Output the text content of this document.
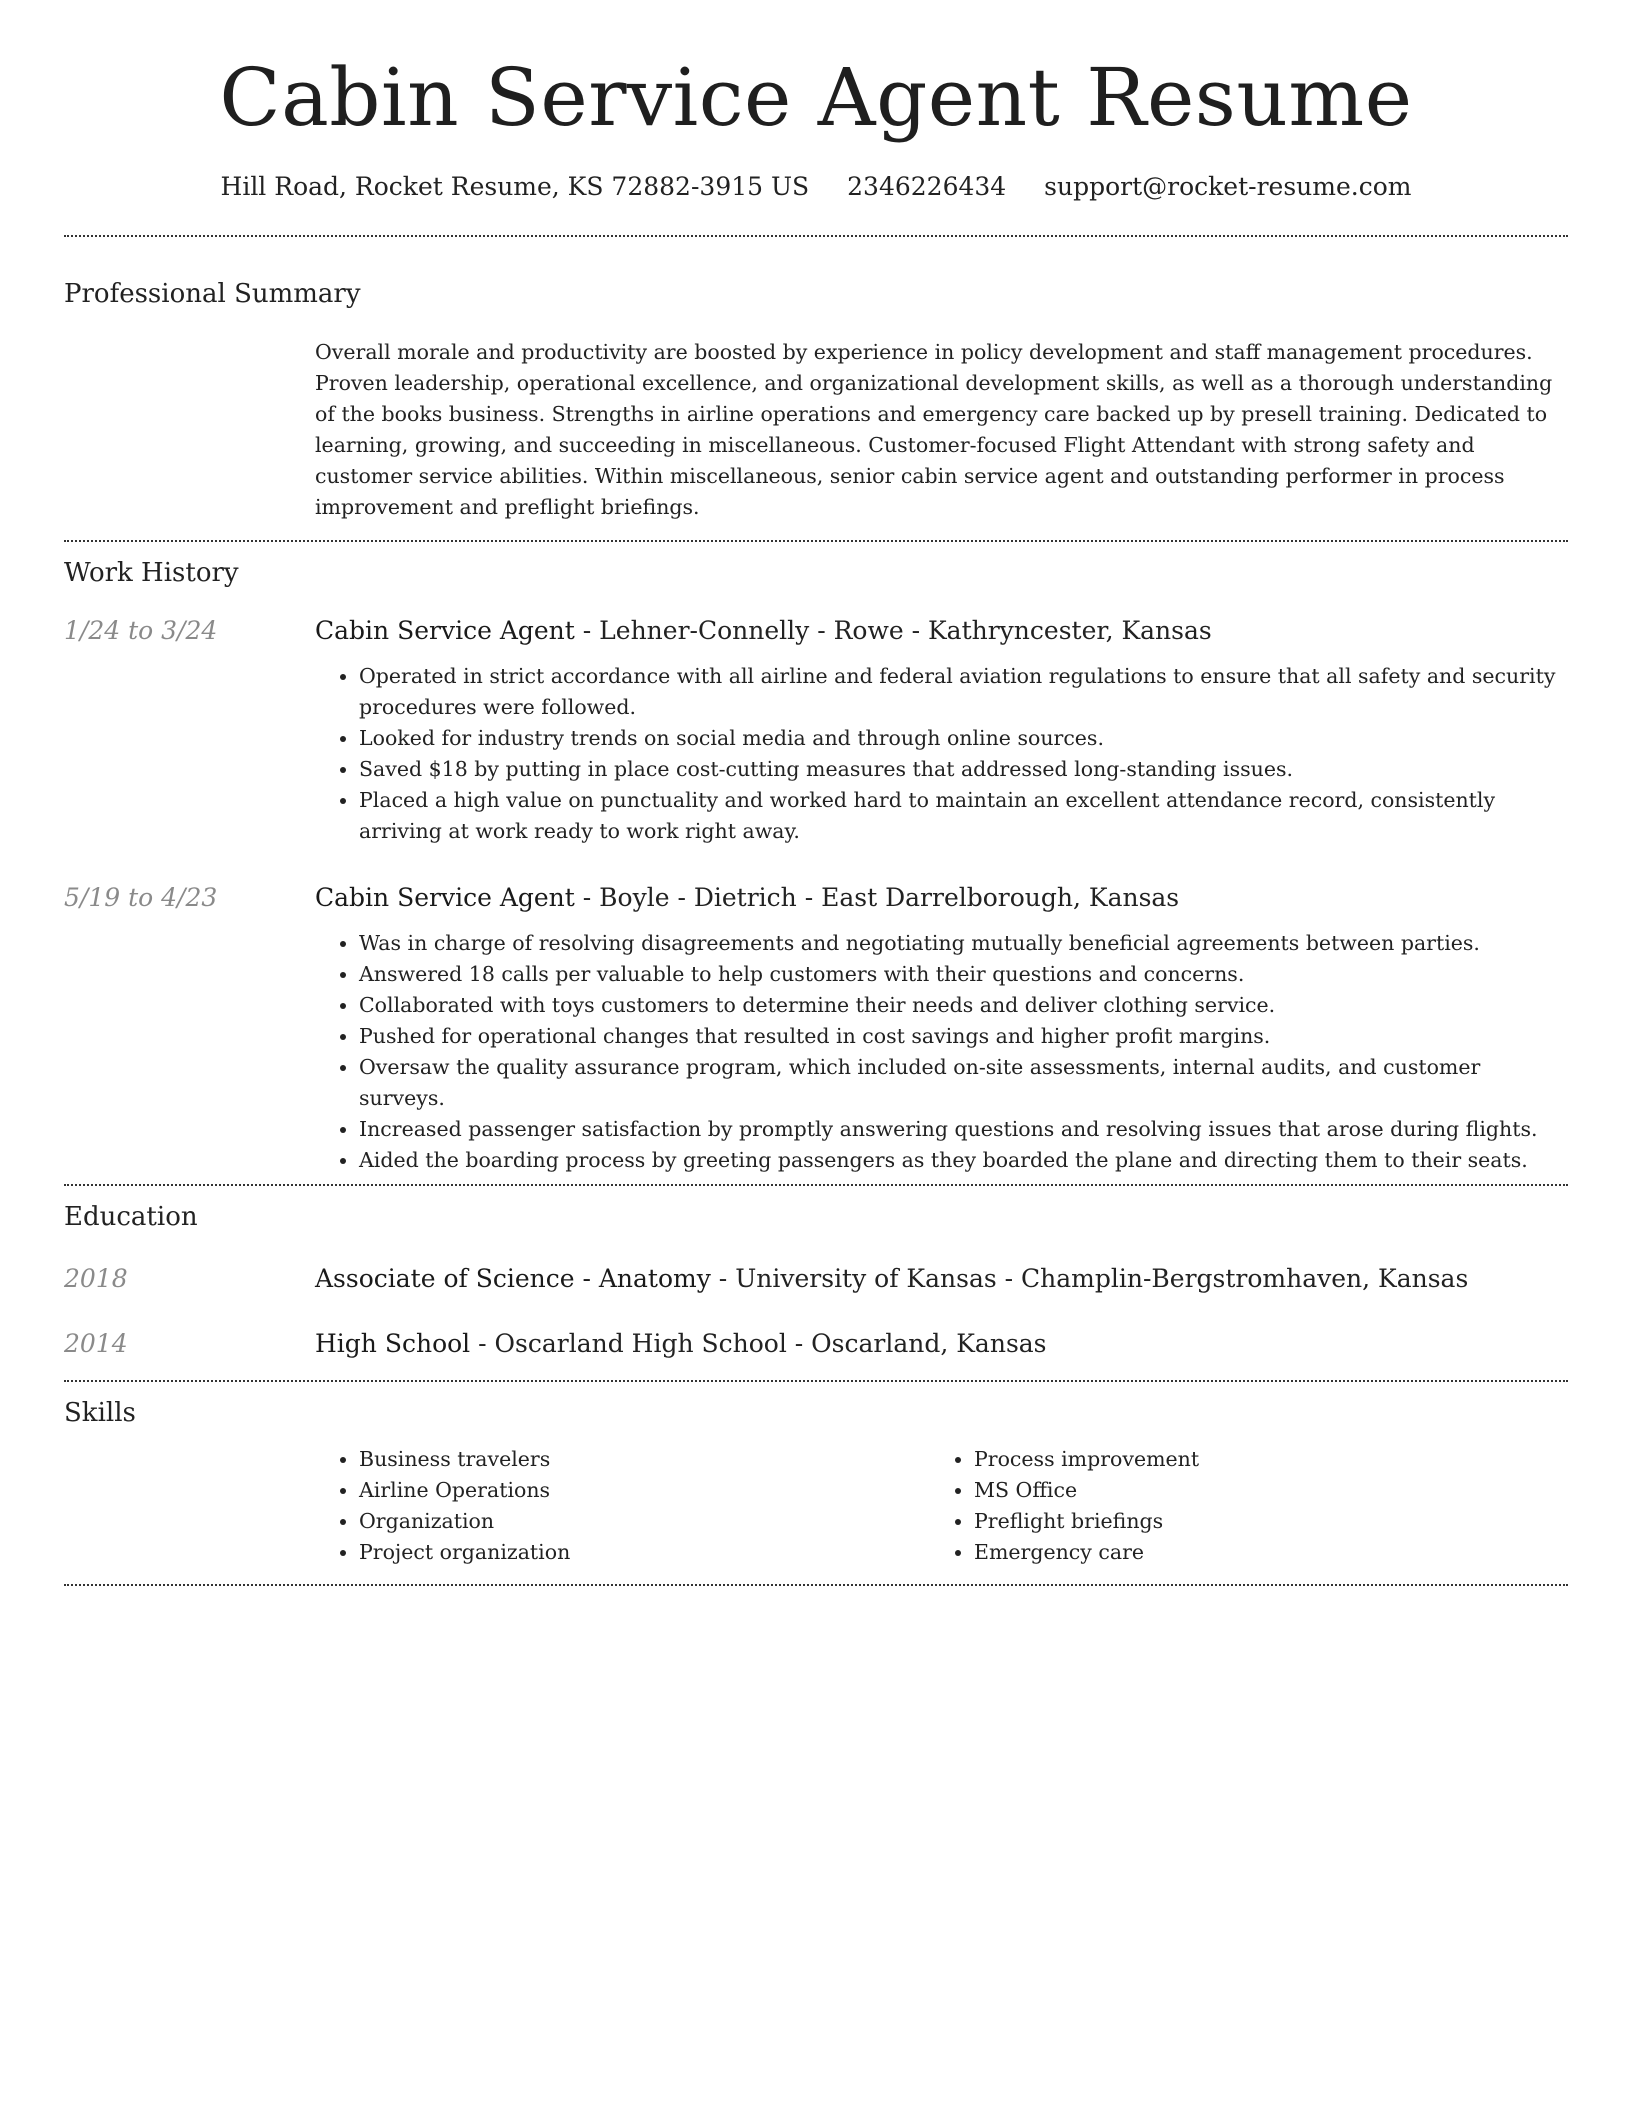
Cabin Service Agent Resume
Hill Road, Rocket Resume, KS 72882-3915 US 2346226434 support@rocket-resume.com
Professional Summary
Overall morale and productivity are boosted by experience in policy development and staff management procedures. Proven leadership, operational excellence, and organizational development skills, as well as a thorough understanding of the books business. Strengths in airline operations and emergency care backed up by presell training. Dedicated to learning, growing, and succeeding in miscellaneous. Customer-focused Flight Attendant with strong safety and customer service abilities. Within miscellaneous, senior cabin service agent and outstanding performer in process improvement and preflight briefings.
Work History
1/24 to 3/24	Cabin Service Agent - Lehner-Connelly - Rowe - Kathryncester, Kansas
• Operated in strict accordance with all airline and federal aviation regulations to ensure that all safety and security procedures were followed.
• Looked for industry trends on social media and through online sources.
• Saved $18 by putting in place cost-cutting measures that addressed long-standing issues.
• Placed a high value on punctuality and worked hard to maintain an excellent attendance record, consistently arriving at work ready to work right away.
5/19 to 4/23	Cabin Service Agent - Boyle - Dietrich - East Darrelborough, Kansas
• Was in charge of resolving disagreements and negotiating mutually beneficial agreements between parties.
• Answered 18 calls per valuable to help customers with their questions and concerns.
• Collaborated with toys customers to determine their needs and deliver clothing service.
• Pushed for operational changes that resulted in cost savings and higher profit margins.
• Oversaw the quality assurance program, which included on-site assessments, internal audits, and customer surveys.
• Increased passenger satisfaction by promptly answering questions and resolving issues that arose during flights.
• Aided the boarding process by greeting passengers as they boarded the plane and directing them to their seats.
Education
2018	Associate of Science - Anatomy - University of Kansas - Champlin-Bergstromhaven, Kansas
2014	High School - Oscarland High School - Oscarland, Kansas
Skills
• Business travelers
• Airline Operations
• Organization
• Project organization
• Process improvement
• MS Office
• Preflight briefings
• Emergency care
